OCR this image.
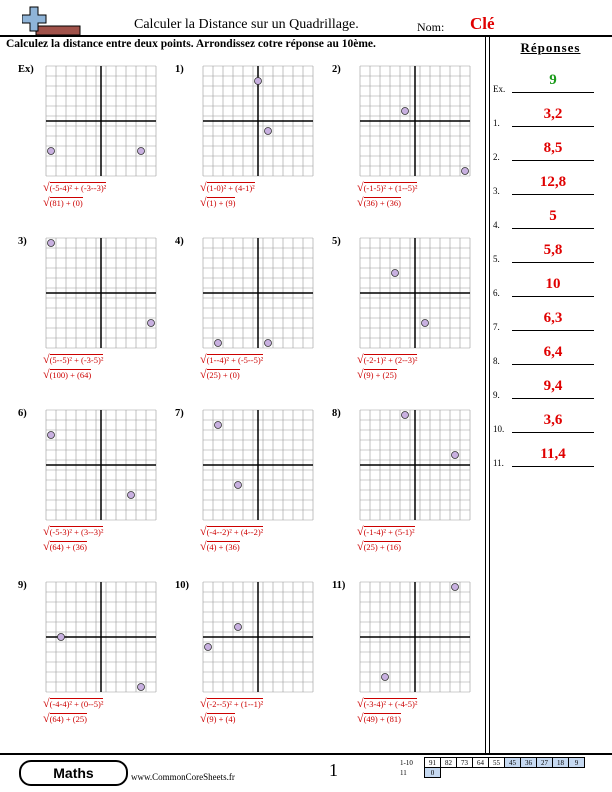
Calculer la Distance sur un Quadrillage.	Nom: Clé
Calculez la distance entre deux points. Arrondissez cotre réponse au 10ème.	Réponses
Ex.
9
1.
3,2
2.
8,5
3.
12,8
4.
5
5.
5,8
6.
10
7.
6,3
8.
6,4
9.
9,4
10.
3,6
11.
11,4
Ex)
√(-5-4)² + (-3--3)²
√(81) + (0)
1)
√(1-0)² + (4-1)²
√(1) + (9)
2)
√(-1-5)² + (1--5)²
√(36) + (36)
3)
√(5--5)² + (-3-5)²
√(100) + (64)
4)
√(1--4)² + (-5--5)²
√(25) + (0)
5)
√(-2-1)² + (2--3)²
√(9) + (25)
6)
√(-5-3)² + (3--3)²
√(64) + (36)
7)
√(-4--2)² + (4--2)²
√(4) + (36)
8)
√(-1-4)² + (5-1)²
√(25) + (16)
9)
√(-4-4)² + (0--5)²
√(64) + (25)
10)
√(-2--5)² + (1--1)²
√(9) + (4)
11)
√(-3-4)² + (-4-5)²
√(49) + (81)
Maths	www.CommonCoreSheets.fr	1	1-10	91	82	73	64	55	45	36	27	18	9
11	0									
